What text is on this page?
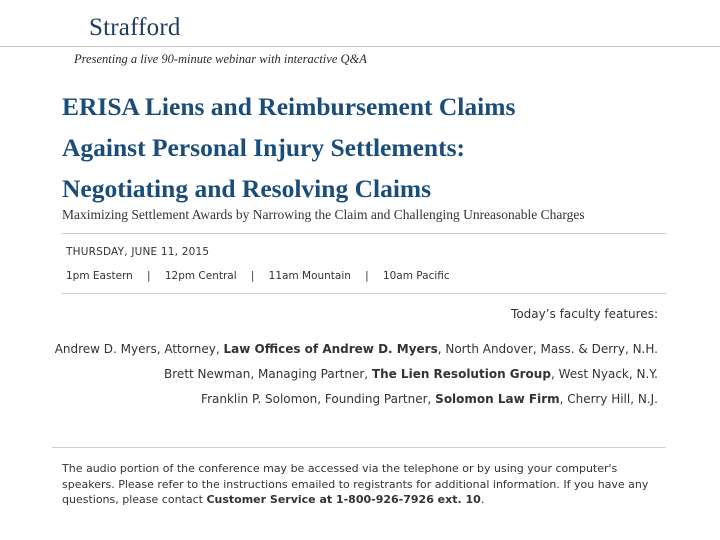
Strafford
Presenting a live 90-minute webinar with interactive Q&A
ERISA Liens and Reimbursement Claims
Against Personal Injury Settlements:
Negotiating and Resolving Claims
Maximizing Settlement Awards by Narrowing the Claim and Challenging Unreasonable Charges
THURSDAY, JUNE 11, 2015
1pm Eastern | 12pm Central | 11am Mountain | 10am Pacific
Today’s faculty features:
Andrew D. Myers, Attorney, Law Offices of Andrew D. Myers, North Andover, Mass. & Derry, N.H.
Brett Newman, Managing Partner, The Lien Resolution Group, West Nyack, N.Y.
Franklin P. Solomon, Founding Partner, Solomon Law Firm, Cherry Hill, N.J.
The audio portion of the conference may be accessed via the telephone or by using your computer's speakers. Please refer to the instructions emailed to registrants for additional information. If you have any questions, please contact Customer Service at 1-800-926-7926 ext. 10.
